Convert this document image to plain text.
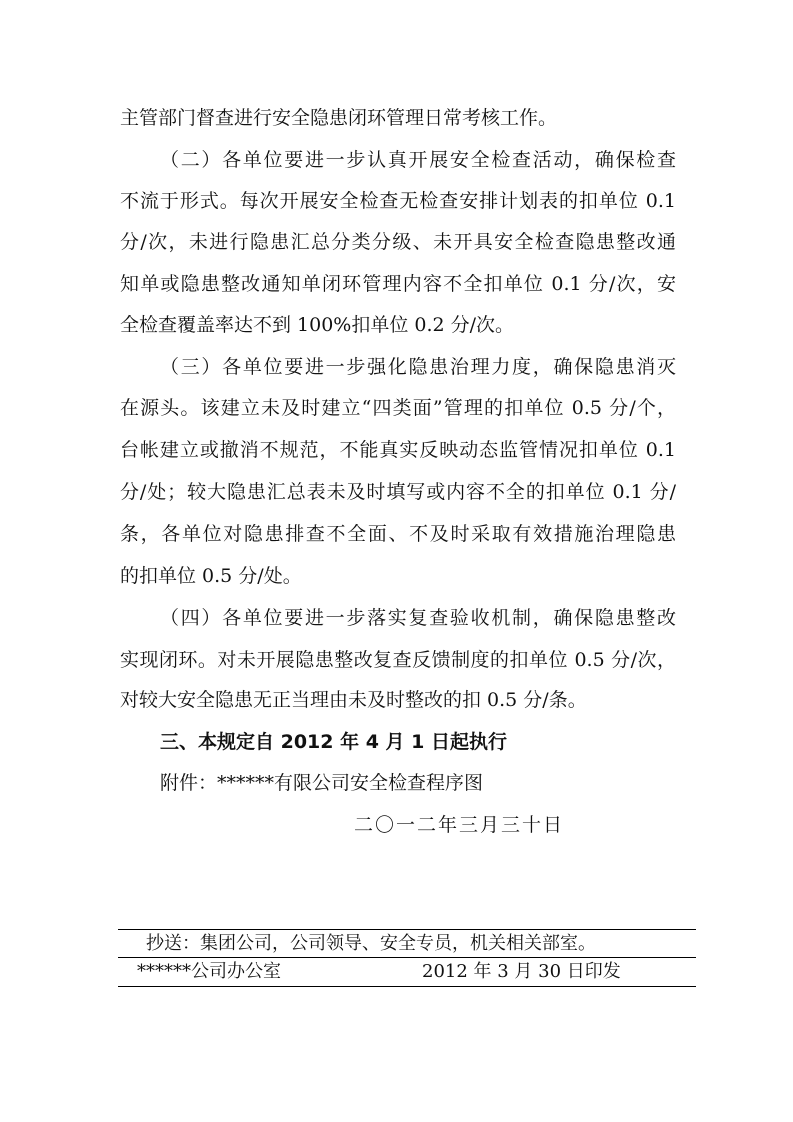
主管部门督查进行安全隐患闭环管理日常考核工作。
（二）各单位要进一步认真开展安全检查活动，确保检查
不流于形式。每次开展安全检查无检查安排计划表的扣单位 0.1
分/次，未进行隐患汇总分类分级、未开具安全检查隐患整改通
知单或隐患整改通知单闭环管理内容不全扣单位 0.1 分/次，安
全检查覆盖率达不到 100%扣单位 0.2 分/次。
（三）各单位要进一步强化隐患治理力度，确保隐患消灭
在源头。该建立未及时建立“四类面”管理的扣单位 0.5 分/个，
台帐建立或撤消不规范，不能真实反映动态监管情况扣单位 0.1
分/处；较大隐患汇总表未及时填写或内容不全的扣单位 0.1 分/
条，各单位对隐患排查不全面、不及时采取有效措施治理隐患
的扣单位 0.5 分/处。
（四）各单位要进一步落实复查验收机制，确保隐患整改
实现闭环。对未开展隐患整改复查反馈制度的扣单位 0.5 分/次，
对较大安全隐患无正当理由未及时整改的扣 0.5 分/条。
三、本规定自 2012 年 4 月 1 日起执行
附件：******有限公司安全检查程序图
二〇一二年三月三十日
抄送：集团公司，公司领导、安全专员，机关相关部室。
******公司办公室	2012 年 3 月 30 日印发
